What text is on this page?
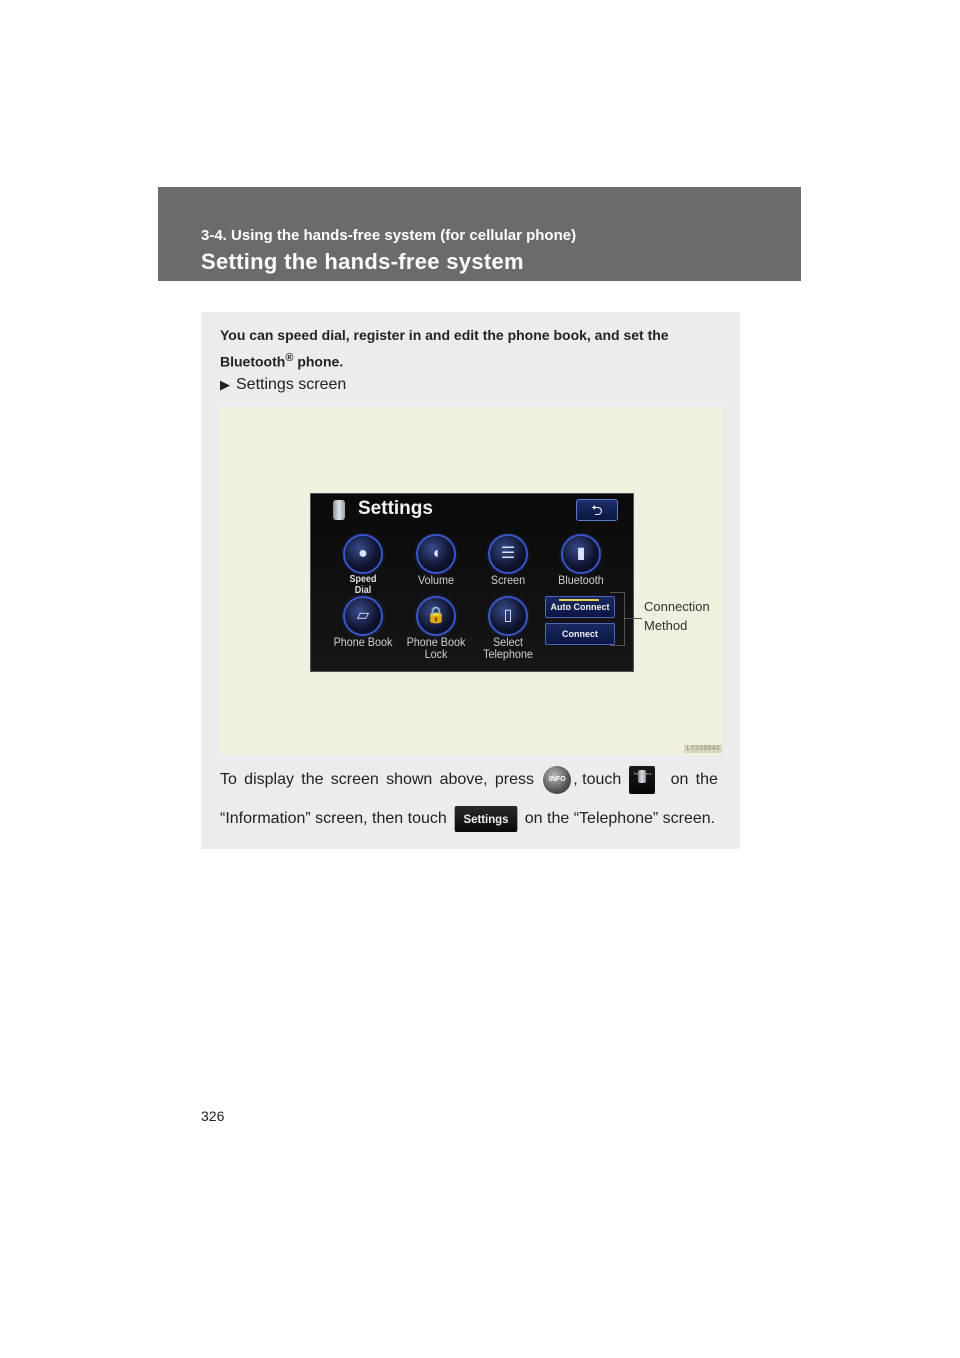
3-4. Using the hands-free system (for cellular phone)
Setting the hands-free system
You can speed dial, register in and edit the phone book, and set the
Bluetooth® phone.
▶ Settings screen
Settings	⮌
●
Speed
Dial
◖
Volume
☰
Screen
▮
Bluetooth
▱
Phone Book
🔒
Phone Book
Lock
▯
Select
Telephone
Auto Connect
Connect
Connection
Method
LY31G042
To display the screen shown above, press	INFO , touch	Telephone on the
“Information” screen, then touch	Settings	on the “Telephone” screen.
326
